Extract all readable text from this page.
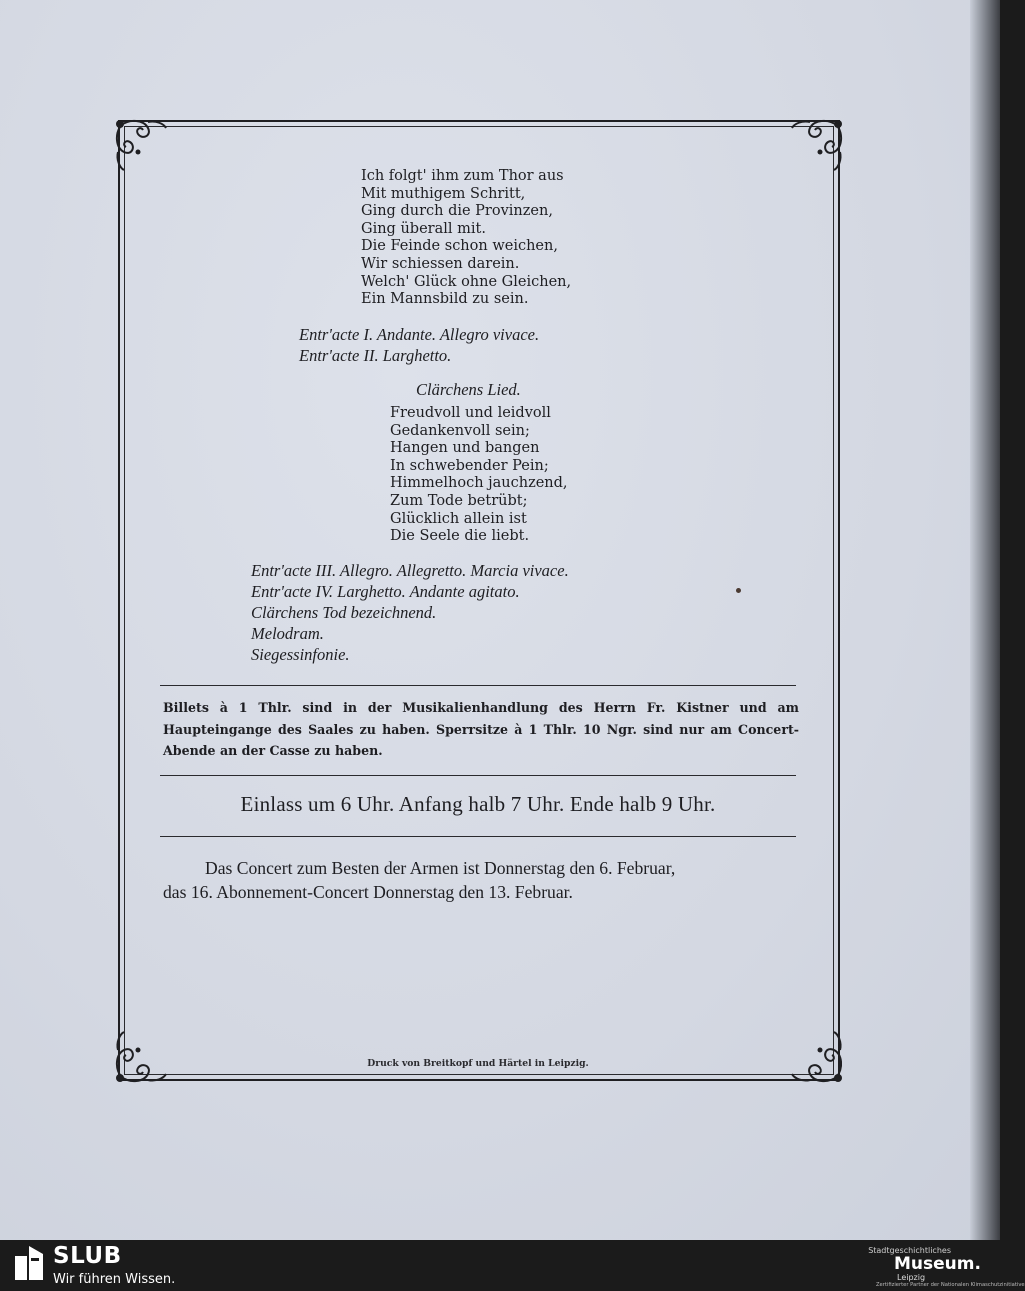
Ich folgt' ihm zum Thor aus
Mit muthigem Schritt,
Ging durch die Provinzen,
Ging überall mit.
Die Feinde schon weichen,
Wir schiessen darein.
Welch' Glück ohne Gleichen,
Ein Mannsbild zu sein.
Entr'acte I. Andante. Allegro vivace.
Entr'acte II. Larghetto.
Clärchens Lied.
Freudvoll und leidvoll
Gedankenvoll sein;
Hangen und bangen
In schwebender Pein;
Himmelhoch jauchzend,
Zum Tode betrübt;
Glücklich allein ist
Die Seele die liebt.
Entr'acte III. Allegro. Allegretto. Marcia vivace.
Entr'acte IV. Larghetto. Andante agitato.
Clärchens Tod bezeichnend.
Melodram.
Siegessinfonie.
Billets à 1 Thlr. sind in der Musikalienhandlung des Herrn Fr. Kistner und am Haupteingange des Saales zu haben. Sperrsitze à 1 Thlr. 10 Ngr. sind nur am Concert-Abende an der Casse zu haben.
Einlass um 6 Uhr. Anfang halb 7 Uhr. Ende halb 9 Uhr.
Das Concert zum Besten der Armen ist Donnerstag den 6. Februar,
das 16. Abonnement-Concert Donnerstag den 13. Februar.
Druck von Breitkopf und Härtel in Leipzig.
SLUB
Wir führen Wissen.
Stadtgeschichtliches
Museum.
Leipzig
Zertifizierter Partner der Nationalen Klimaschutzinitiative
